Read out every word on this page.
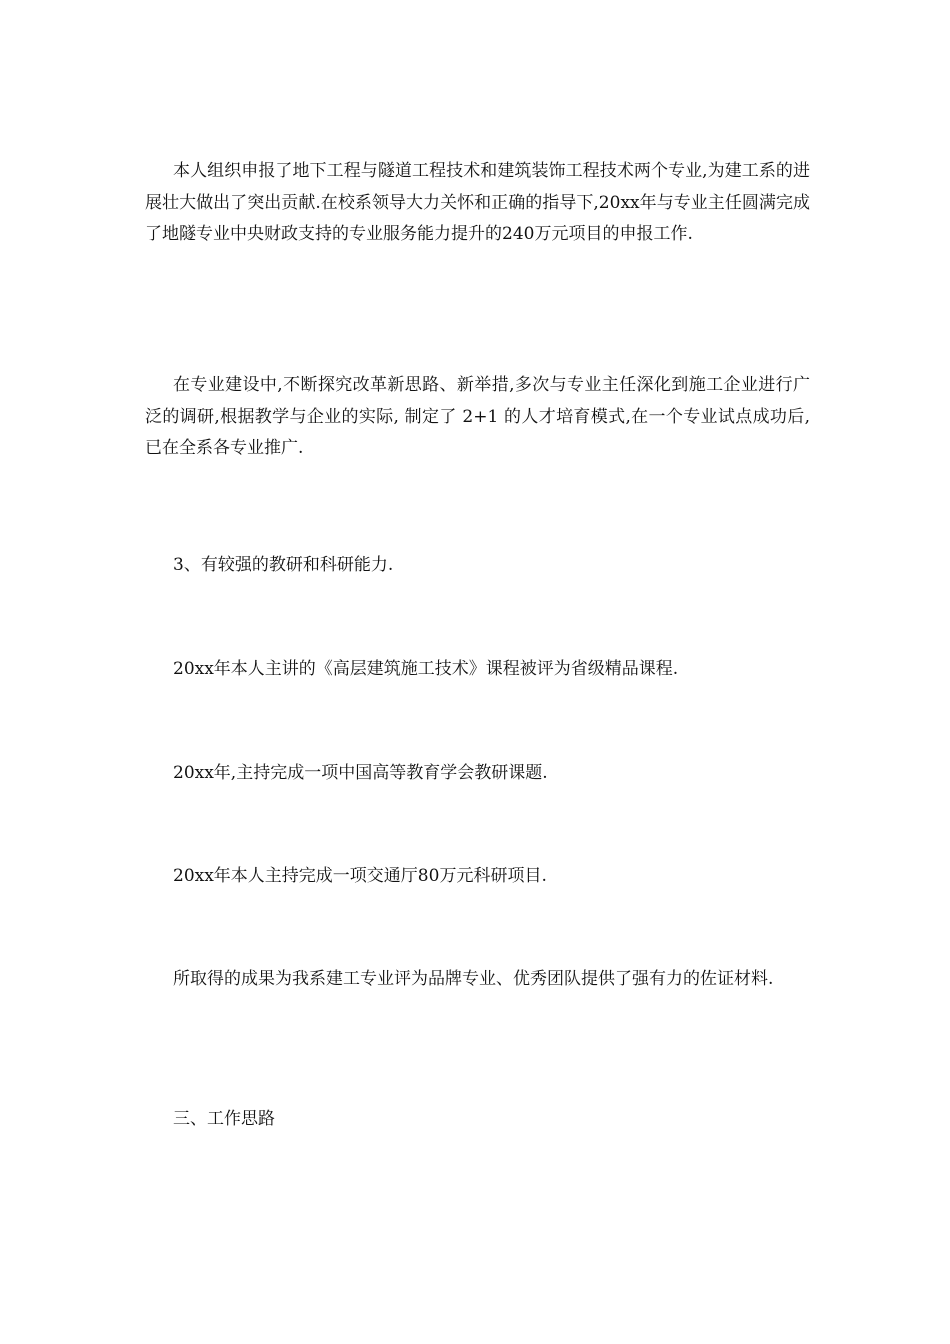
本人组织申报了地下工程与隧道工程技术和建筑装饰工程技术两个专业,为建工系的进展壮大做出了突出贡献.在校系领导大力关怀和正确的指导下,20xx年与专业主任圆满完成了地隧专业中央财政支持的专业服务能力提升的240万元项目的申报工作.

在专业建设中,不断探究改革新思路、新举措,多次与专业主任深化到施工企业进行广泛的调研,根据教学与企业的实际, 制定了 2+1 的人才培育模式,在一个专业试点成功后,已在全系各专业推广.

3、有较强的教研和科研能力.

20xx年本人主讲的《高层建筑施工技术》课程被评为省级精品课程.

20xx年,主持完成一项中国高等教育学会教研课题.

20xx年本人主持完成一项交通厅80万元科研项目.

所取得的成果为我系建工专业评为品牌专业、优秀团队提供了强有力的佐证材料.

三、工作思路
